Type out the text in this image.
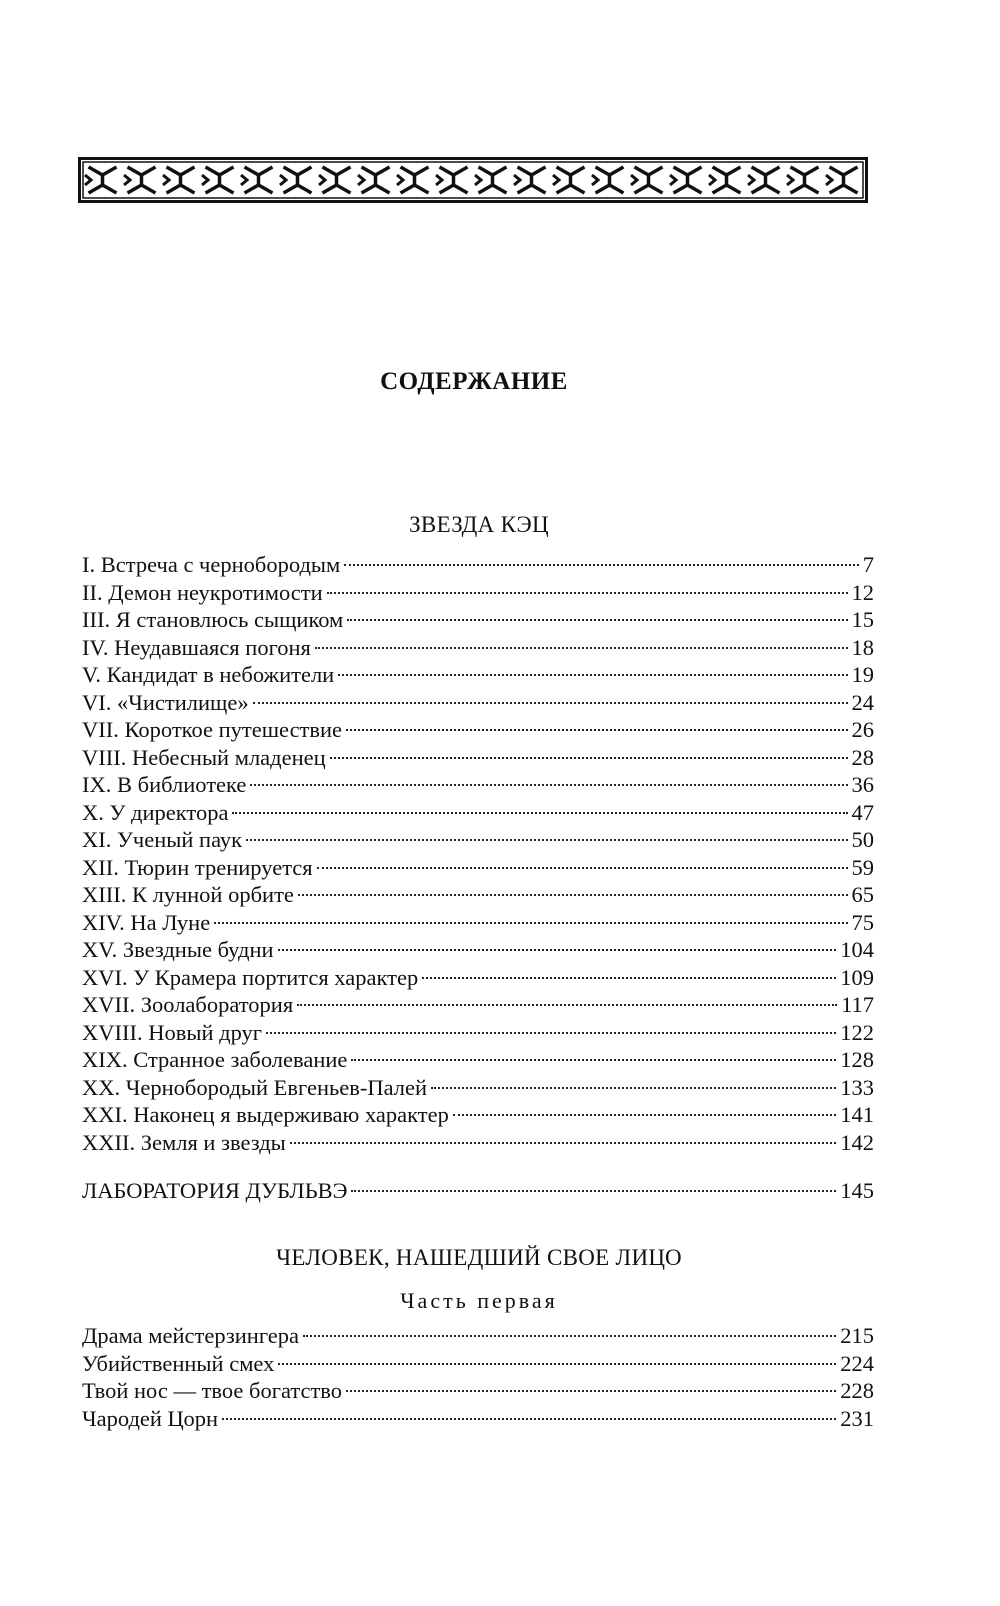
СОДЕРЖАНИЕ
ЗВЕЗДА КЭЦ
I. Встреча с чернобородым	7
II. Демон неукротимости	12
III. Я становлюсь сыщиком	15
IV. Неудавшаяся погоня	18
V. Кандидат в небожители	19
VI. «Чистилище»	24
VII. Короткое путешествие	26
VIII. Небесный младенец	28
IX. В библиотеке	36
X. У директора	47
XI. Ученый паук	50
XII. Тюрин тренируется	59
XIII. К лунной орбите	65
XIV. На Луне	75
XV. Звездные будни	104
XVI. У Крамера портится характер	109
XVII. Зоолаборатория	117
XVIII. Новый друг	122
XIX. Странное заболевание	128
XX. Чернобородый Евгеньев-Палей	133
XXI. Наконец я выдерживаю характер	141
XXII. Земля и звезды	142
ЛАБОРАТОРИЯ ДУБЛЬВЭ	145
ЧЕЛОВЕК, НАШЕДШИЙ СВОЕ ЛИЦО
Часть первая
Драма мейстерзингера	215
Убийственный смех	224
Твой нос — твое богатство	228
Чародей Цорн	231
